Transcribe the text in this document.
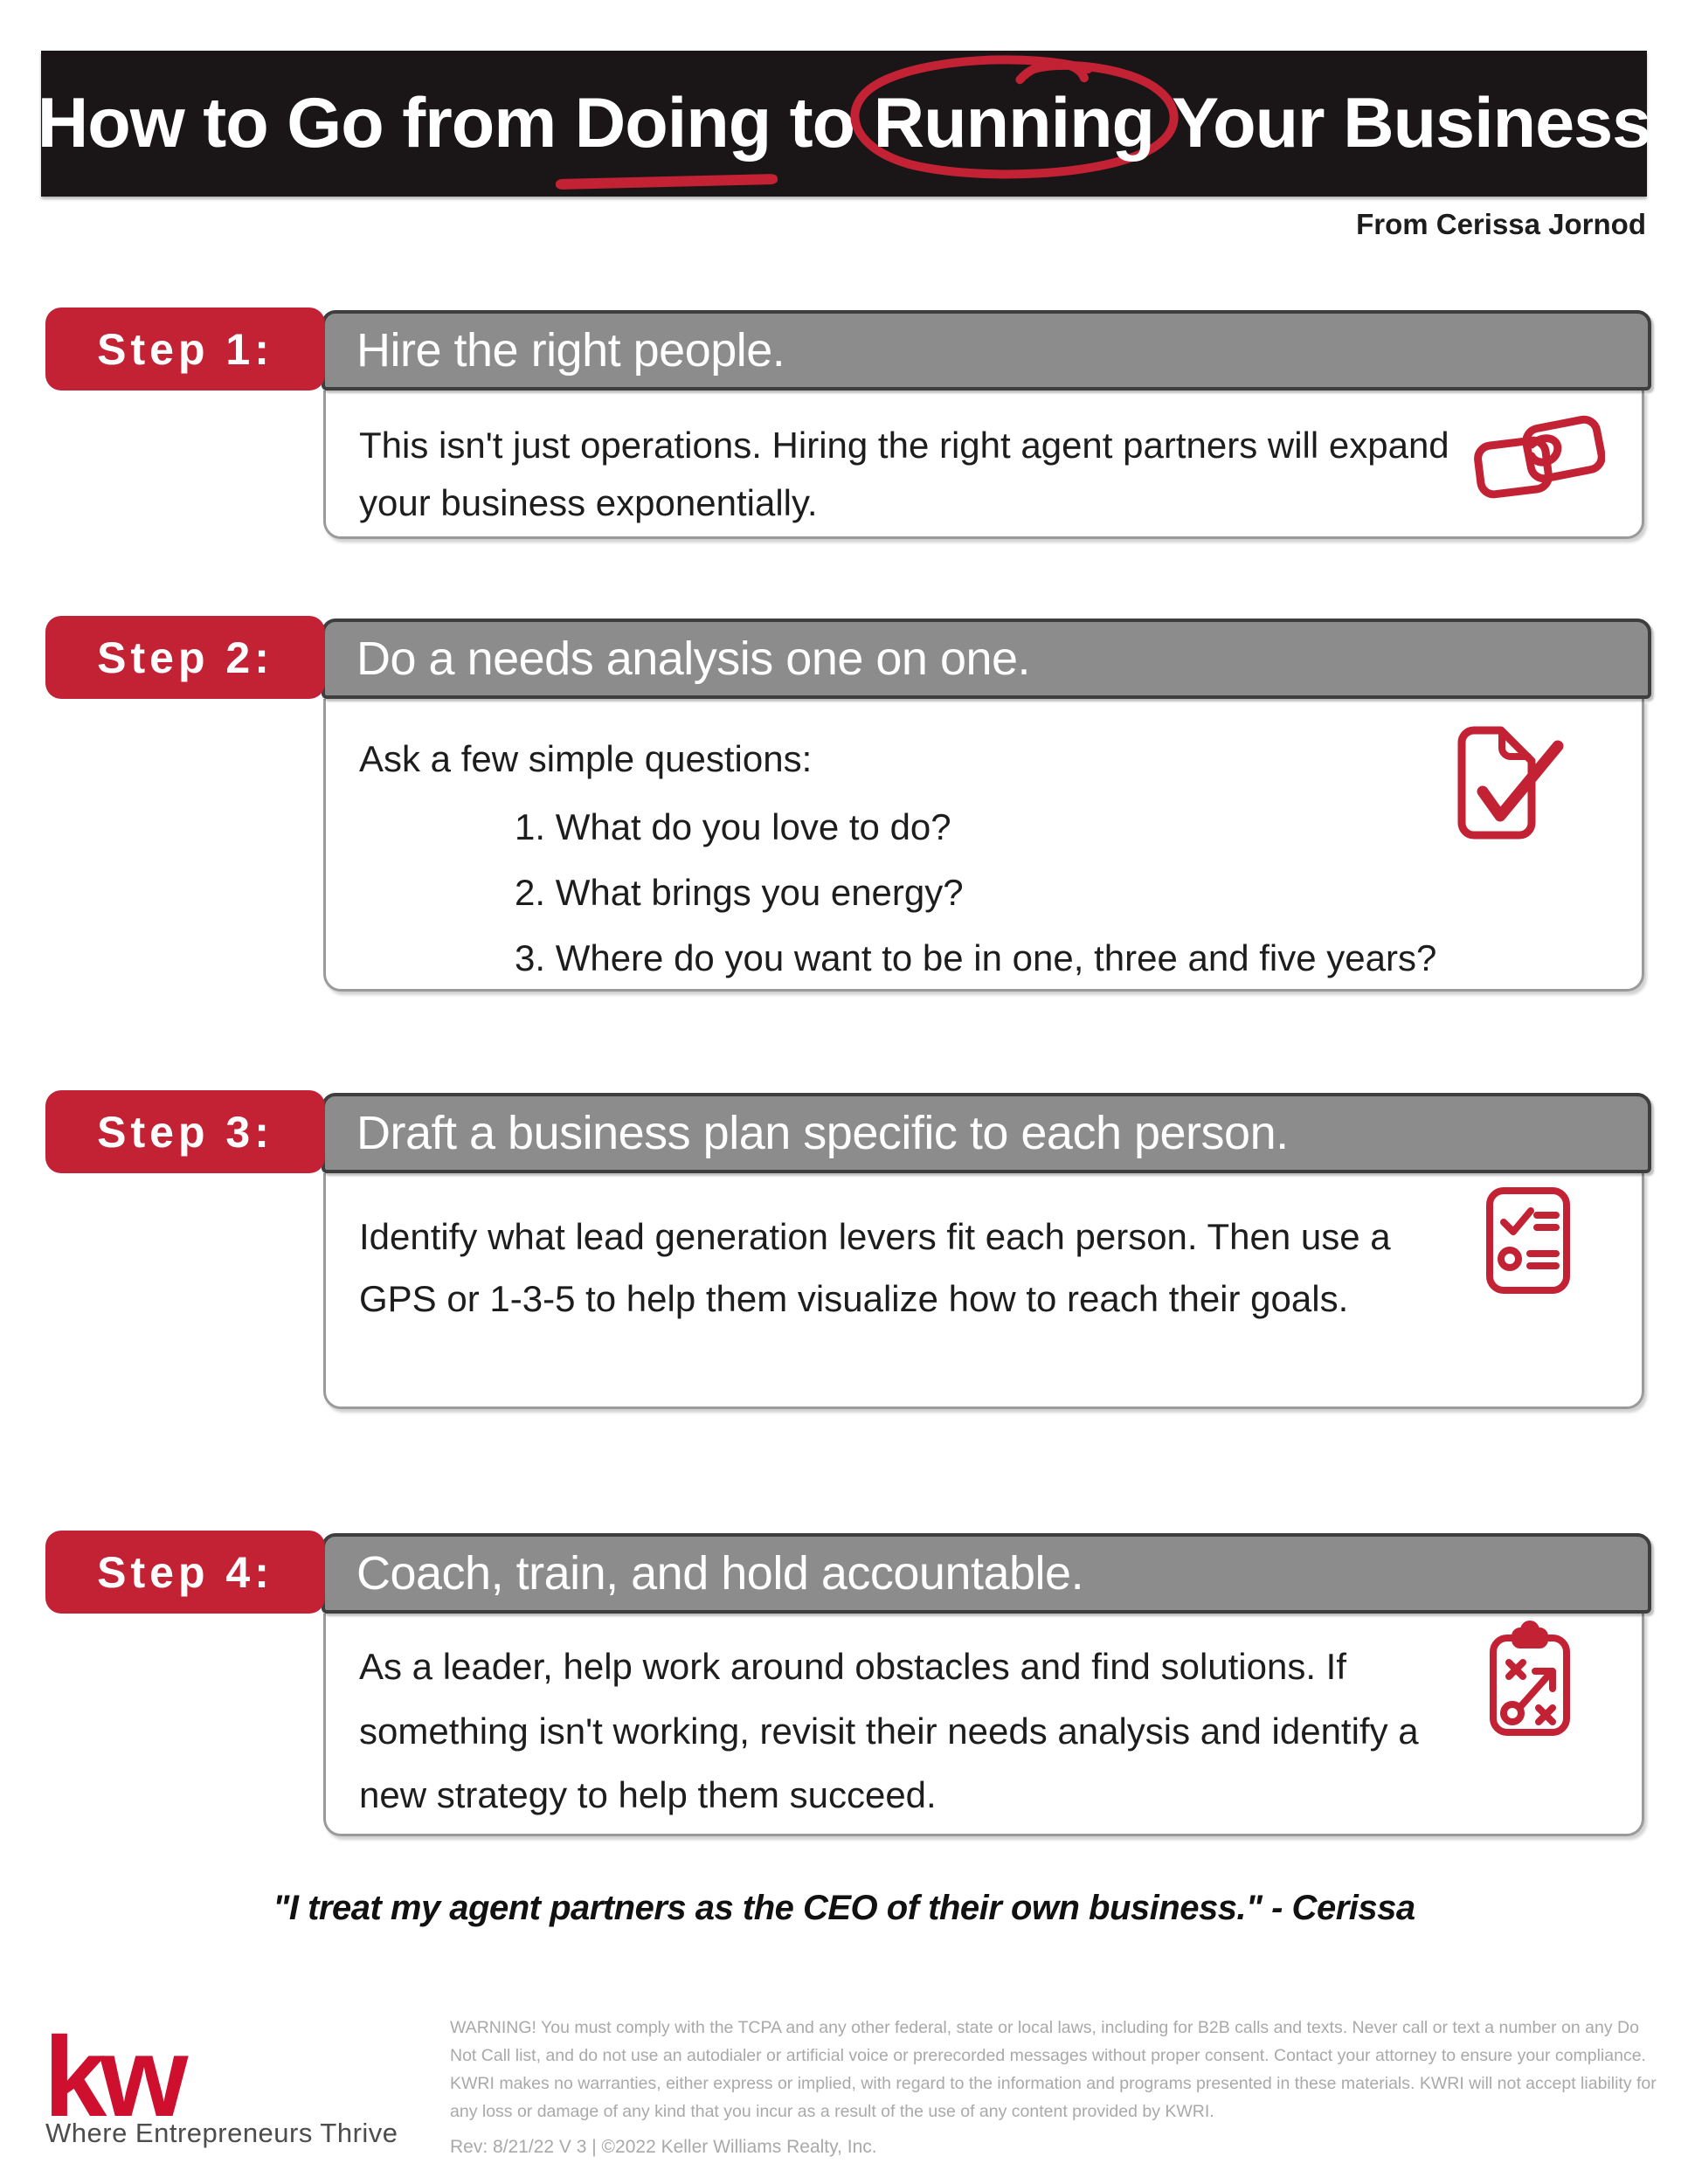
How to Go from Doing to
Running Your Business
From Cerissa Jornod
Step 1: Hire the right people.

This isn't just operations. Hiring the right agent partners will expand your business exponentially.

Step 2: Do a needs analysis one on one.

Ask a few simple questions:

1. What do you love to do?
2. What brings you energy?
3. Where do you want to be in one, three and five years?
Step 3: Draft a business plan specific to each person.

Identify what lead generation levers fit each person. Then use a GPS or 1-3-5 to help them visualize how to reach their goals.

Step 4: Coach, train, and hold accountable.

As a leader, help work around obstacles and find solutions. If something isn't working, revisit their needs analysis and identify a new strategy to help them succeed.

"I treat my agent partners as the CEO of their own business." - Cerissa
kw
Where Entrepreneurs Thrive
WARNING! You must comply with the TCPA and any other federal, state or local laws, including for B2B calls and texts. Never call or text a number on any Do Not Call list, and do not use an autodialer or artificial voice or prerecorded messages without proper consent. Contact your attorney to ensure your compliance. KWRI makes no warranties, either express or implied, with regard to the information and programs presented in these materials. KWRI will not accept liability for any loss or damage of any kind that you incur as a result of the use of any content provided by KWRI.
Rev: 8/21/22 V 3 | ©2022 Keller Williams Realty, Inc.
